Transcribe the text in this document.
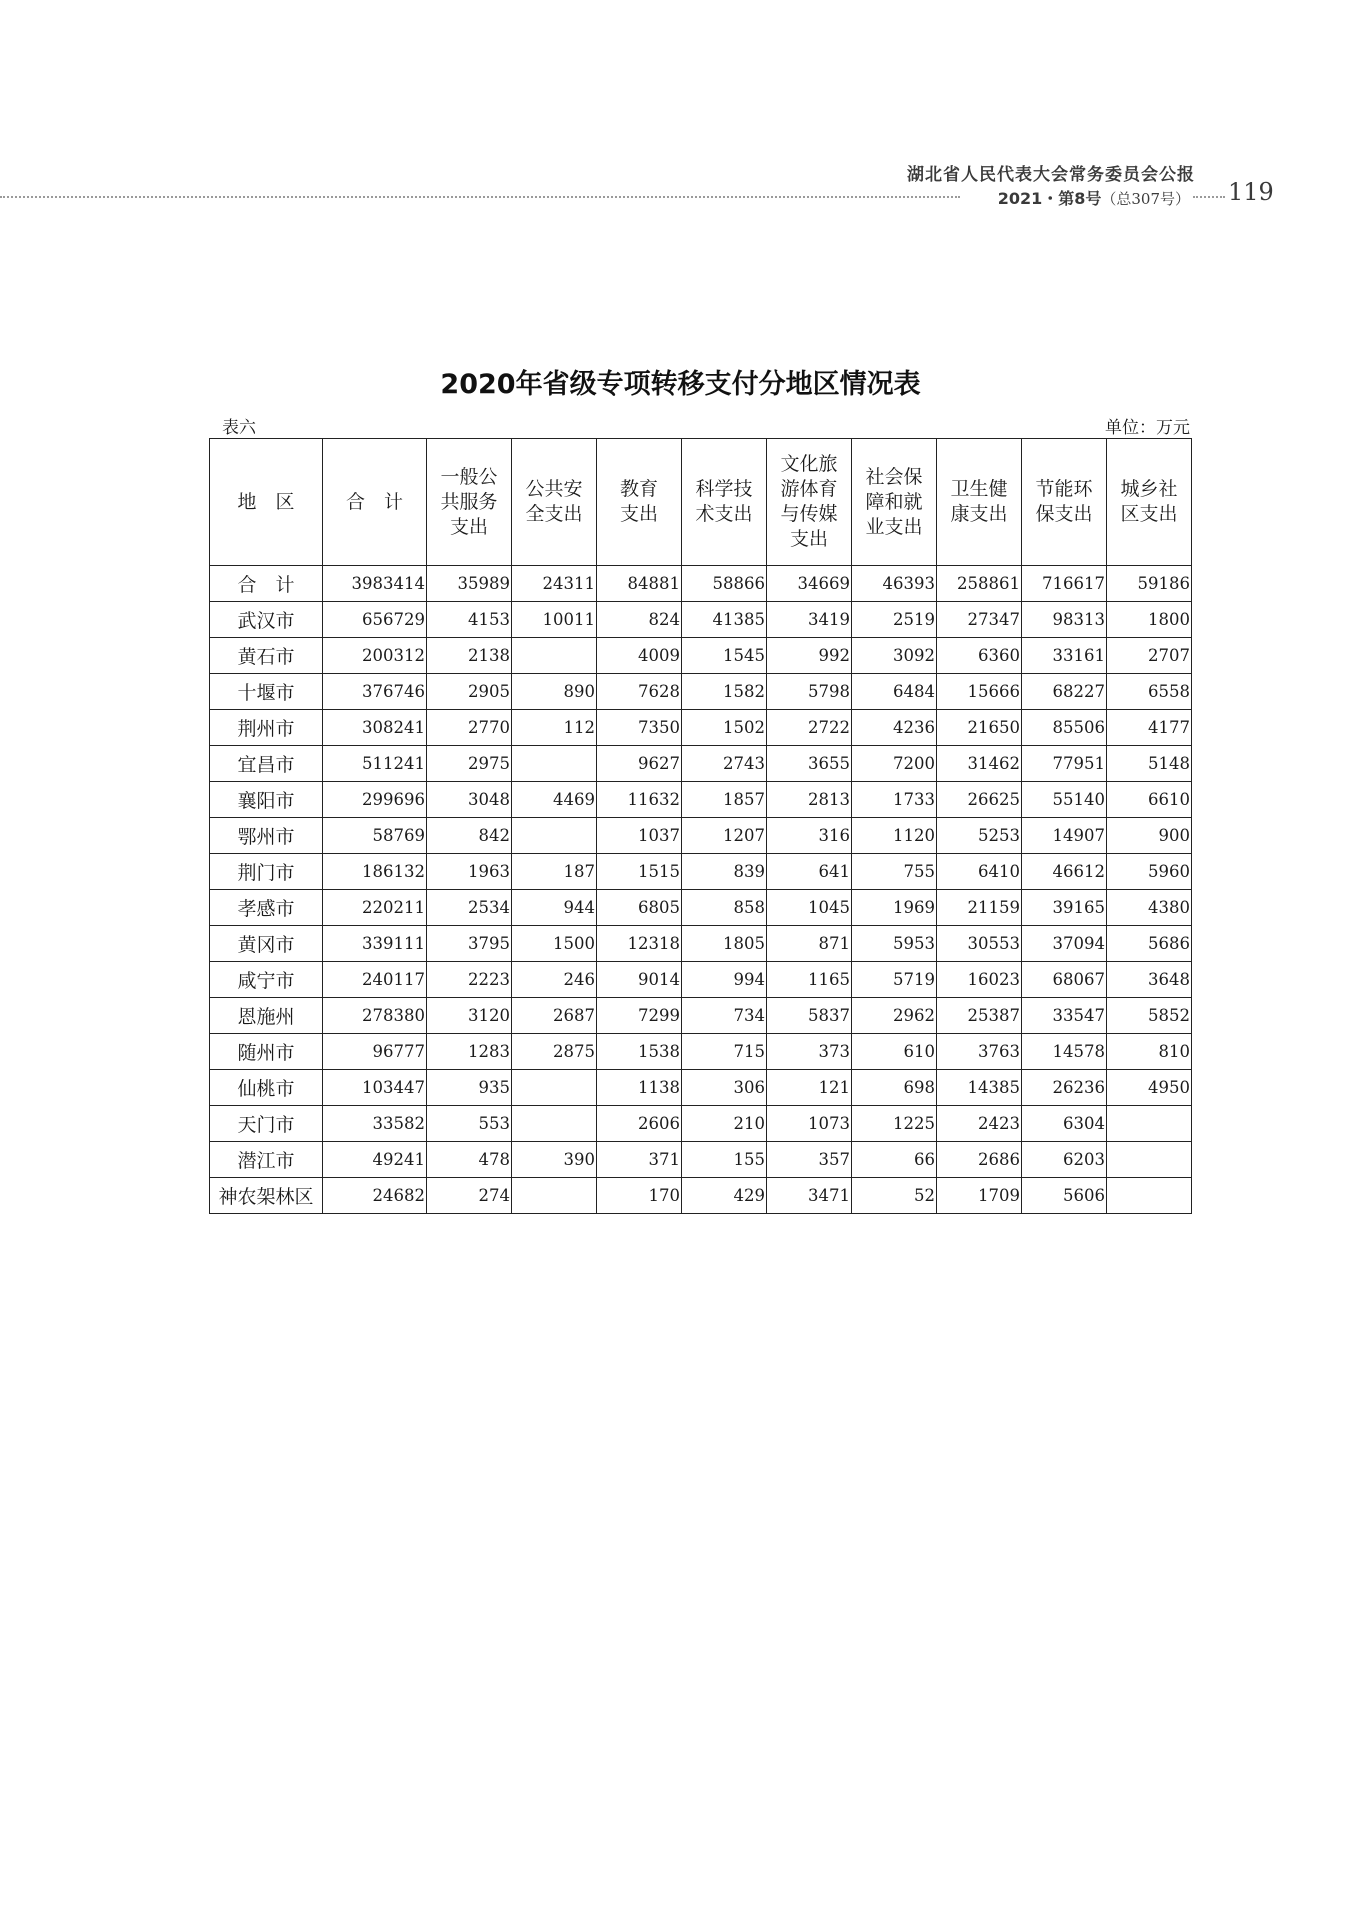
湖北省人民代表大会常务委员会公报
2021・第8号（总307号） 119
2020年省级专项转移支付分地区情况表
表六	单位：万元
地　区	合　计	一般公共服务支出	公共安全支出	教育支出	科学技术支出	文化旅游体育与传媒支出	社会保障和就业支出	卫生健康支出	节能环保支出	城乡社区支出
合　计	3983414	35989	24311	84881	58866	34669	46393	258861	716617	59186
武汉市	656729	4153	10011	824	41385	3419	2519	27347	98313	1800
黄石市	200312	2138		4009	1545	992	3092	6360	33161	2707
十堰市	376746	2905	890	7628	1582	5798	6484	15666	68227	6558
荆州市	308241	2770	112	7350	1502	2722	4236	21650	85506	4177
宜昌市	511241	2975		9627	2743	3655	7200	31462	77951	5148
襄阳市	299696	3048	4469	11632	1857	2813	1733	26625	55140	6610
鄂州市	58769	842		1037	1207	316	1120	5253	14907	900
荆门市	186132	1963	187	1515	839	641	755	6410	46612	5960
孝感市	220211	2534	944	6805	858	1045	1969	21159	39165	4380
黄冈市	339111	3795	1500	12318	1805	871	5953	30553	37094	5686
咸宁市	240117	2223	246	9014	994	1165	5719	16023	68067	3648
恩施州	278380	3120	2687	7299	734	5837	2962	25387	33547	5852
随州市	96777	1283	2875	1538	715	373	610	3763	14578	810
仙桃市	103447	935		1138	306	121	698	14385	26236	4950
天门市	33582	553		2606	210	1073	1225	2423	6304	
潜江市	49241	478	390	371	155	357	66	2686	6203	
神农架林区	24682	274		170	429	3471	52	1709	5606	
